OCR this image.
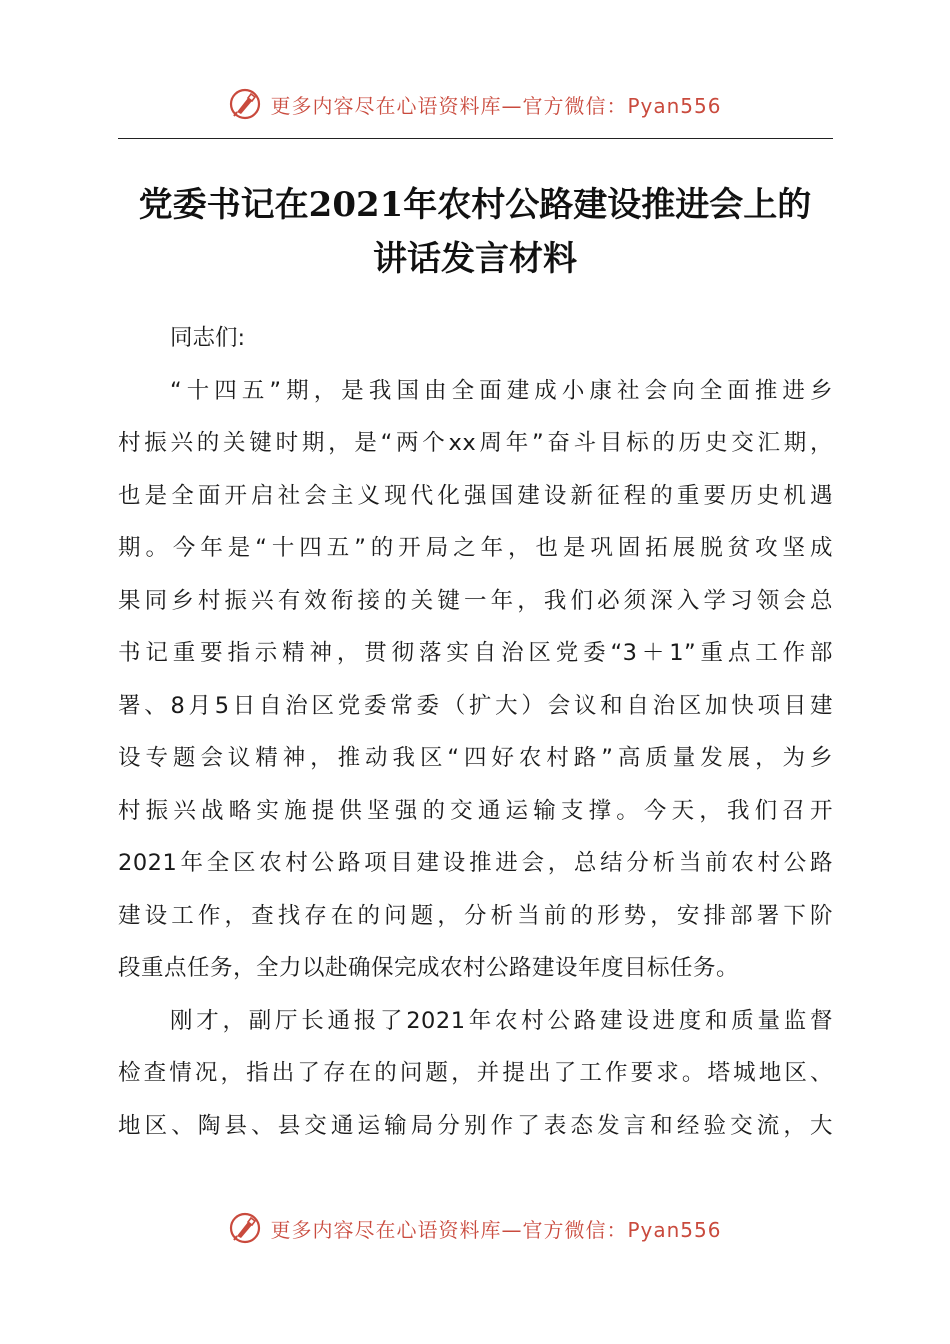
更多内容尽在心语资料库—官方微信：Pyan556
党委书记在2021年农村公路建设推进会上的
讲话发言材料
同志们:
“十四五”期，是我国由全面建成小康社会向全面推进乡
村振兴的关键时期，是“两个xx周年”奋斗目标的历史交汇期，
也是全面开启社会主义现代化强国建设新征程的重要历史机遇
期。今年是“十四五”的开局之年，也是巩固拓展脱贫攻坚成
果同乡村振兴有效衔接的关键一年，我们必须深入学习领会总
书记重要指示精神，贯彻落实自治区党委“3＋1”重点工作部
署、8月5日自治区党委常委（扩大）会议和自治区加快项目建
设专题会议精神，推动我区“四好农村路”高质量发展，为乡
村振兴战略实施提供坚强的交通运输支撑。今天，我们召开
2021年全区农村公路项目建设推进会，总结分析当前农村公路
建设工作，查找存在的问题，分析当前的形势，安排部署下阶
段重点任务，全力以赴确保完成农村公路建设年度目标任务。
刚才，副厅长通报了2021年农村公路建设进度和质量监督
检查情况，指出了存在的问题，并提出了工作要求。塔城地区、
地区、陶县、县交通运输局分别作了表态发言和经验交流，大
更多内容尽在心语资料库—官方微信：Pyan556
